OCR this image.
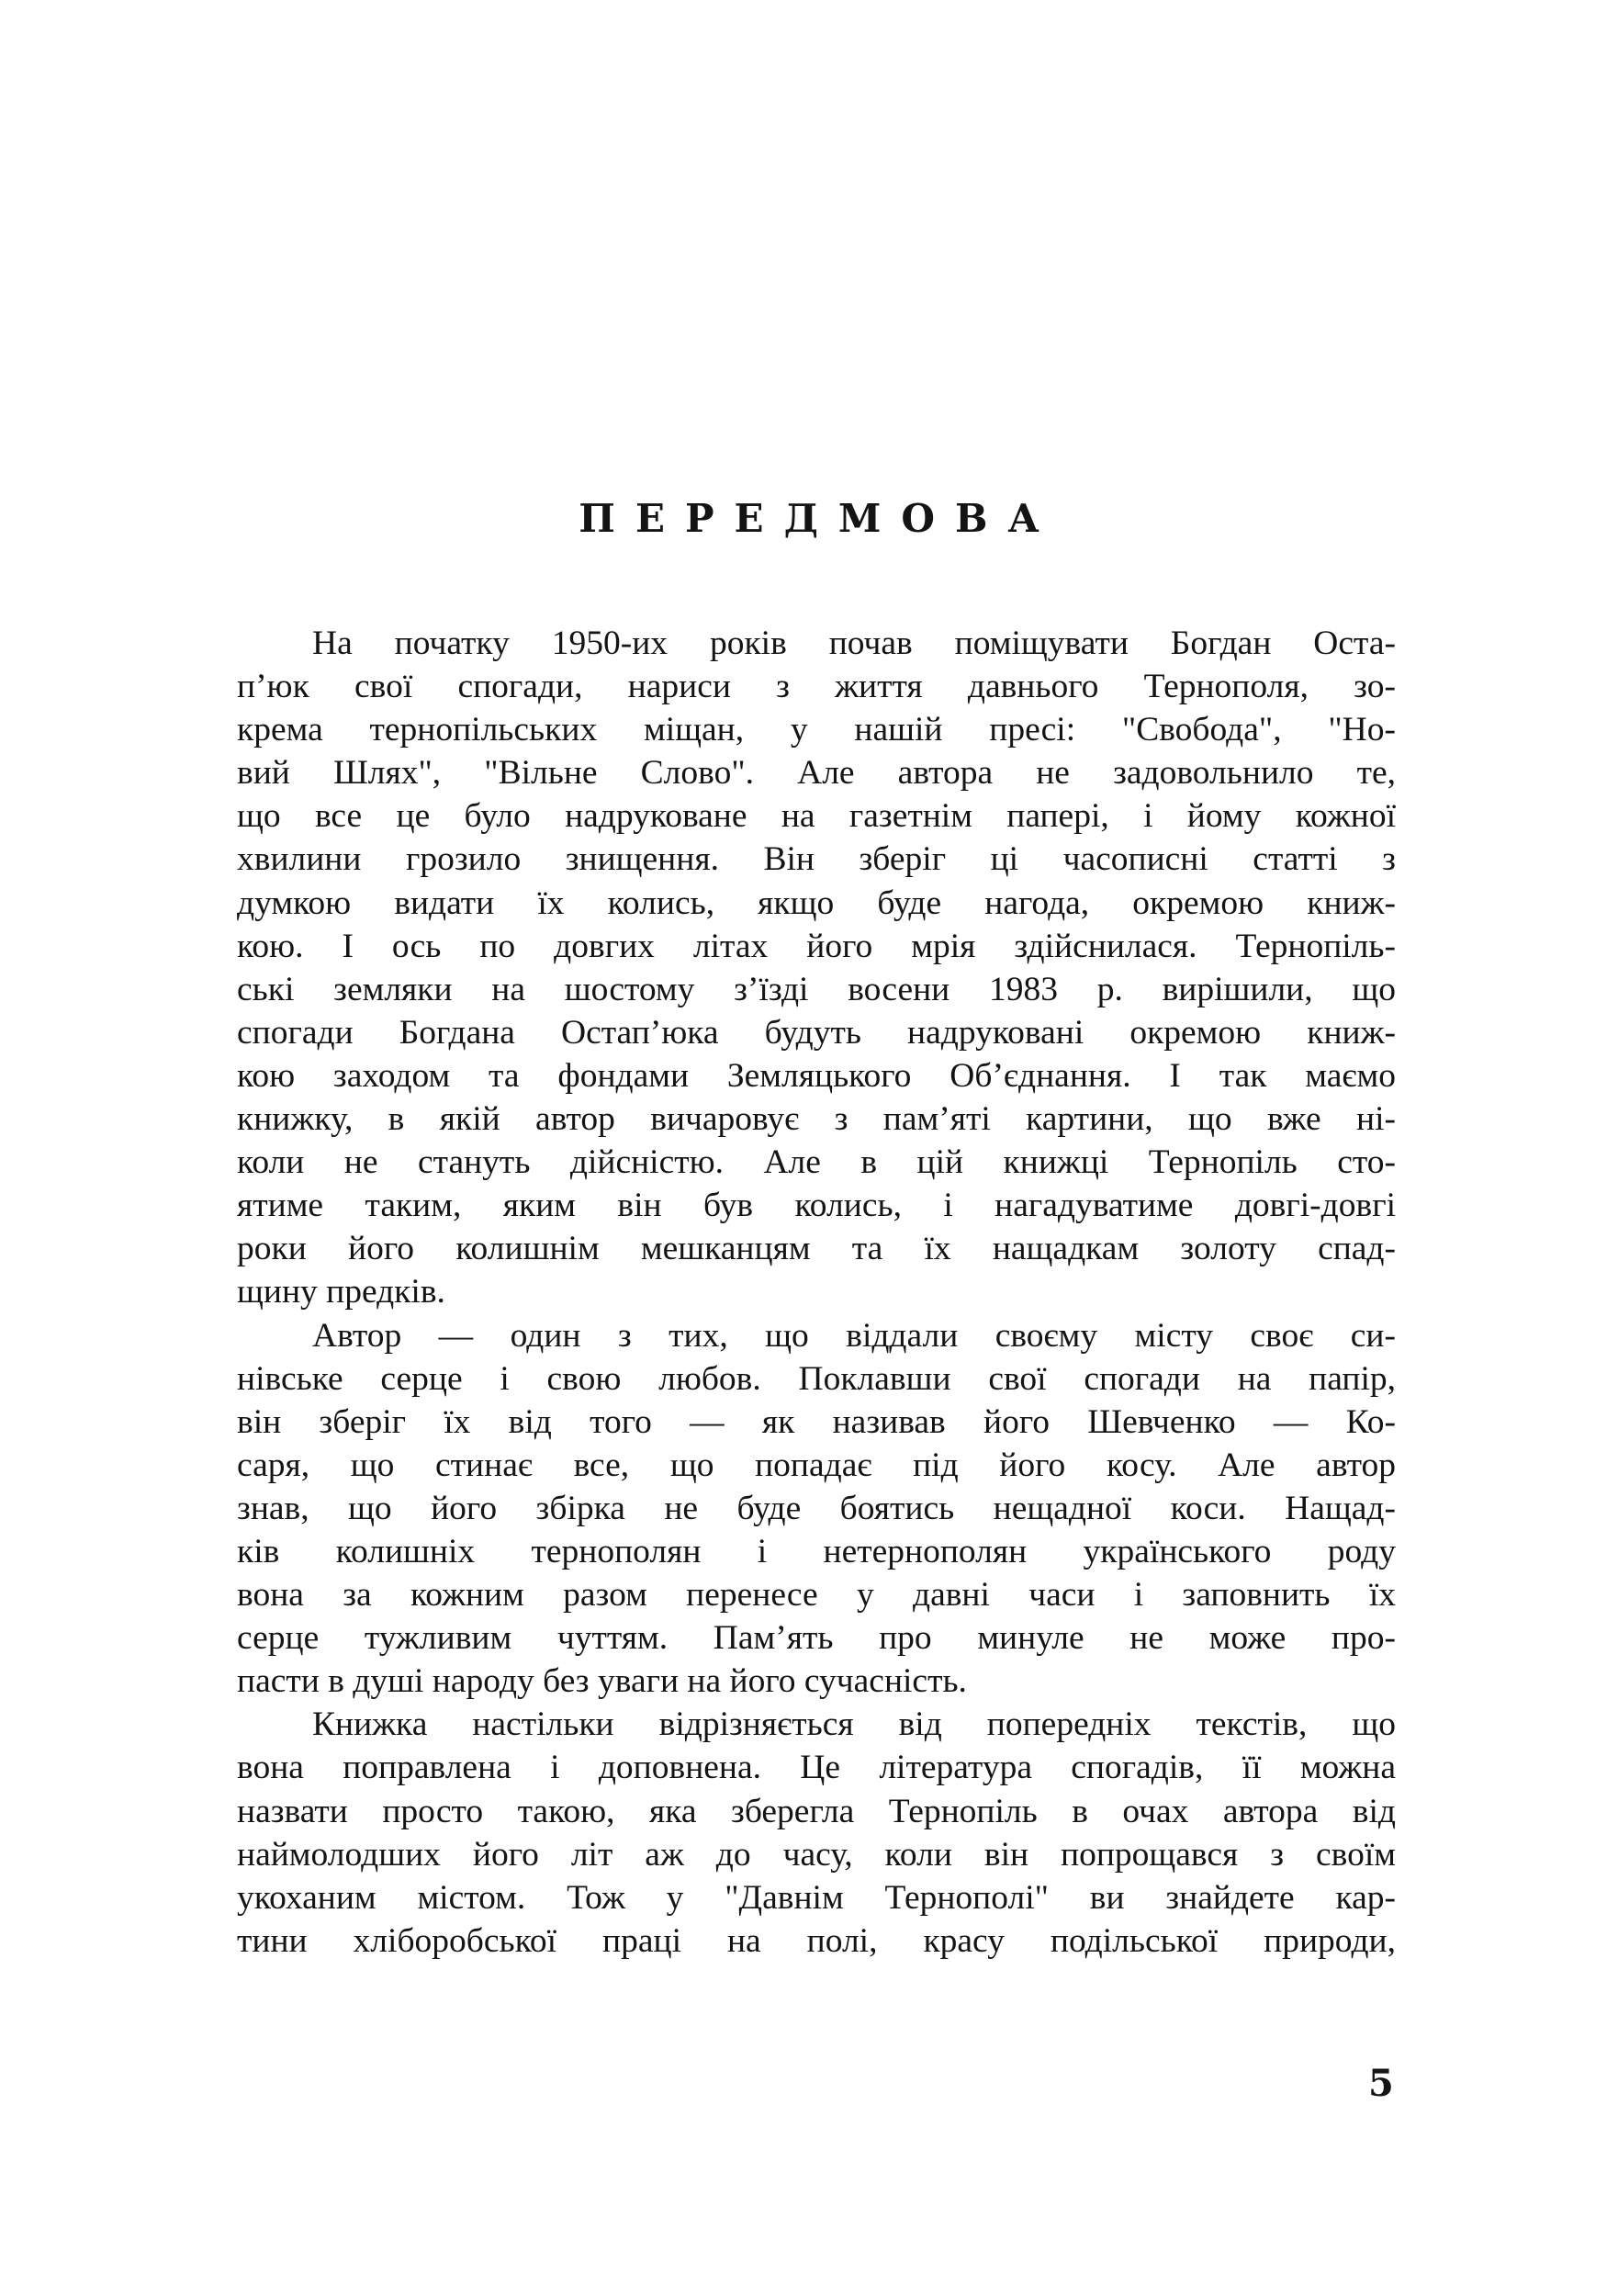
ПЕРЕДМОВА
На початку 1950-их років почав поміщувати Богдан Оста-
п’юк свої спогади, нариси з життя давнього Тернополя, зо-
крема тернопільських міщан, у нашій пресі: "Свобода", "Но-
вий Шлях", "Вільне Слово". Але автора не задовольнило те,
що все це було надруковане на газетнім папері, і йому кожної
хвилини грозило знищення. Він зберіг ці часописні статті з
думкою видати їх колись, якщо буде нагода, окремою книж-
кою. І ось по довгих літах його мрія здійснилася. Тернопіль-
ські земляки на шостому з’їзді восени 1983 р. вирішили, що
спогади Богдана Остап’юка будуть надруковані окремою книж-
кою заходом та фондами Земляцького Об’єднання. І так маємо
книжку, в якій автор вичаровує з пам’яті картини, що вже ні-
коли не стануть дійсністю. Але в цій книжці Тернопіль сто-
ятиме таким, яким він був колись, і нагадуватиме довгі-довгі
роки його колишнім мешканцям та їх нащадкам золоту спад-
щину предків.
Автор — один з тих, що віддали своєму місту своє си-
нівське серце і свою любов. Поклавши свої спогади на папір,
він зберіг їх від того — як називав його Шевченко — Ко-
саря, що стинає все, що попадає під його косу. Але автор
знав, що його збірка не буде боятись нещадної коси. Нащад-
ків колишніх тернополян і нетернополян українського роду
вона за кожним разом перенесе у давні часи і заповнить їх
серце тужливим чуттям. Пам’ять про минуле не може про-
пасти в душі народу без уваги на його сучасність.
Книжка настільки відрізняється від попередніх текстів, що
вона поправлена і доповнена. Це література спогадів, її можна
назвати просто такою, яка зберегла Тернопіль в очах автора від
наймолодших його літ аж до часу, коли він попрощався з своїм
укоханим містом. Тож у "Давнім Тернополі" ви знайдете кар-
тини хліборобської праці на полі, красу подільської природи,
5
